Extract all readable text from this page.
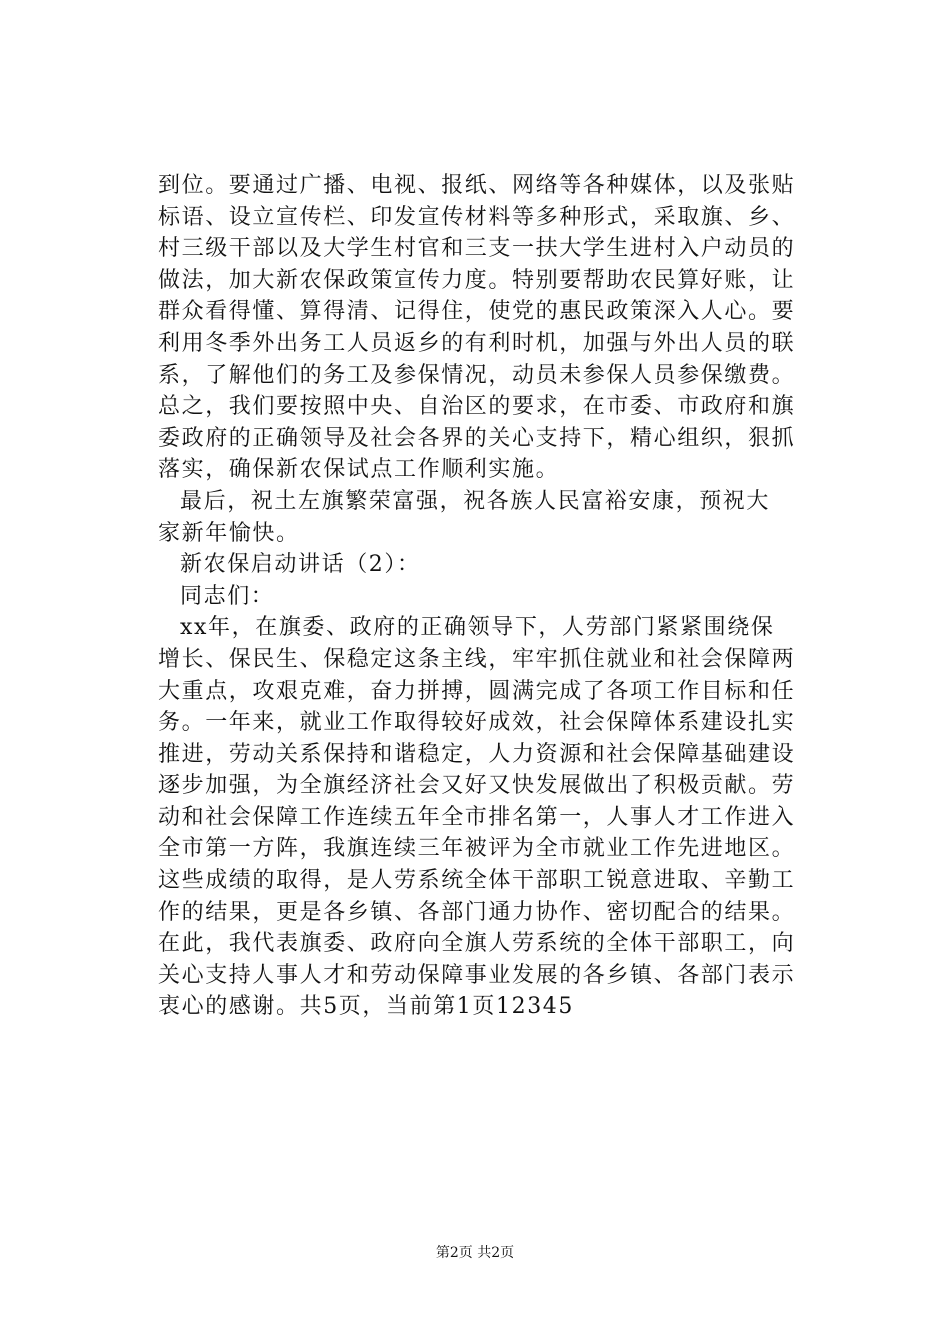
到位。要通过广播、电视、报纸、网络等各种媒体，以及张贴
标语、设立宣传栏、印发宣传材料等多种形式，采取旗、乡、
村三级干部以及大学生村官和三支一扶大学生进村入户动员的
做法，加大新农保政策宣传力度。特别要帮助农民算好账，让
群众看得懂、算得清、记得住，使党的惠民政策深入人心。要
利用冬季外出务工人员返乡的有利时机，加强与外出人员的联
系，了解他们的务工及参保情况，动员未参保人员参保缴费。
总之，我们要按照中央、自治区的要求，在市委、市政府和旗
委政府的正确领导及社会各界的关心支持下，精心组织，狠抓
落实，确保新农保试点工作顺利实施。
最后，祝土左旗繁荣富强，祝各族人民富裕安康，预祝大
家新年愉快。
新农保启动讲话（2）：
同志们：
xx年，在旗委、政府的正确领导下，人劳部门紧紧围绕保
增长、保民生、保稳定这条主线，牢牢抓住就业和社会保障两
大重点，攻艰克难，奋力拼搏，圆满完成了各项工作目标和任
务。一年来，就业工作取得较好成效，社会保障体系建设扎实
推进，劳动关系保持和谐稳定，人力资源和社会保障基础建设
逐步加强，为全旗经济社会又好又快发展做出了积极贡献。劳
动和社会保障工作连续五年全市排名第一，人事人才工作进入
全市第一方阵，我旗连续三年被评为全市就业工作先进地区。
这些成绩的取得，是人劳系统全体干部职工锐意进取、辛勤工
作的结果，更是各乡镇、各部门通力协作、密切配合的结果。
在此，我代表旗委、政府向全旗人劳系统的全体干部职工，向
关心支持人事人才和劳动保障事业发展的各乡镇、各部门表示
衷心的感谢。共5页，当前第1页12345
第2页 共2页
